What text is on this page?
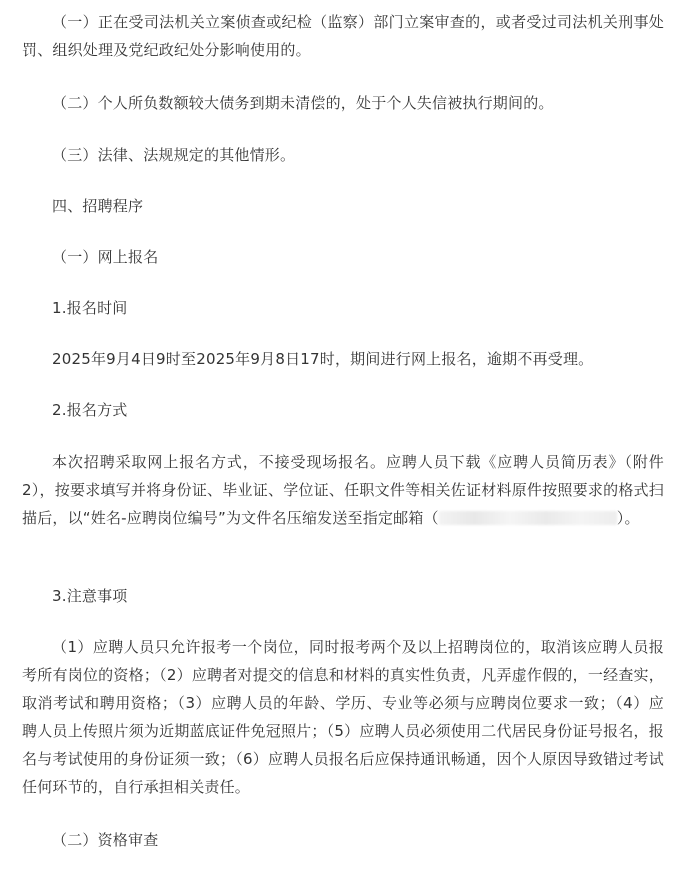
（一）正在受司法机关立案侦查或纪检（监察）部门立案审查的，或者受过司法机关刑事处罚、组织处理及党纪政纪处分影响使用的。

（二）个人所负数额较大债务到期未清偿的，处于个人失信被执行期间的。

（三）法律、法规规定的其他情形。

四、招聘程序

（一）网上报名

1.报名时间

2025年9月4日9时至2025年9月8日17时，期间进行网上报名，逾期不再受理。

2.报名方式

本次招聘采取网上报名方式，不接受现场报名。应聘人员下载《应聘人员简历表》（附件2），按要求填写并将身份证、毕业证、学位证、任职文件等相关佐证材料原件按照要求的格式扫描后，以“姓名-应聘岗位编号”为文件名压缩发送至指定邮箱（	）。

3.注意事项

（1）应聘人员只允许报考一个岗位，同时报考两个及以上招聘岗位的，取消该应聘人员报考所有岗位的资格；（2）应聘者对提交的信息和材料的真实性负责，凡弄虚作假的，一经查实，取消考试和聘用资格；（3）应聘人员的年龄、学历、专业等必须与应聘岗位要求一致；（4）应聘人员上传照片须为近期蓝底证件免冠照片；（5）应聘人员必须使用二代居民身份证号报名，报名与考试使用的身份证须一致；（6）应聘人员报名后应保持通讯畅通，因个人原因导致错过考试任何环节的，自行承担相关责任。

（二）资格审查
